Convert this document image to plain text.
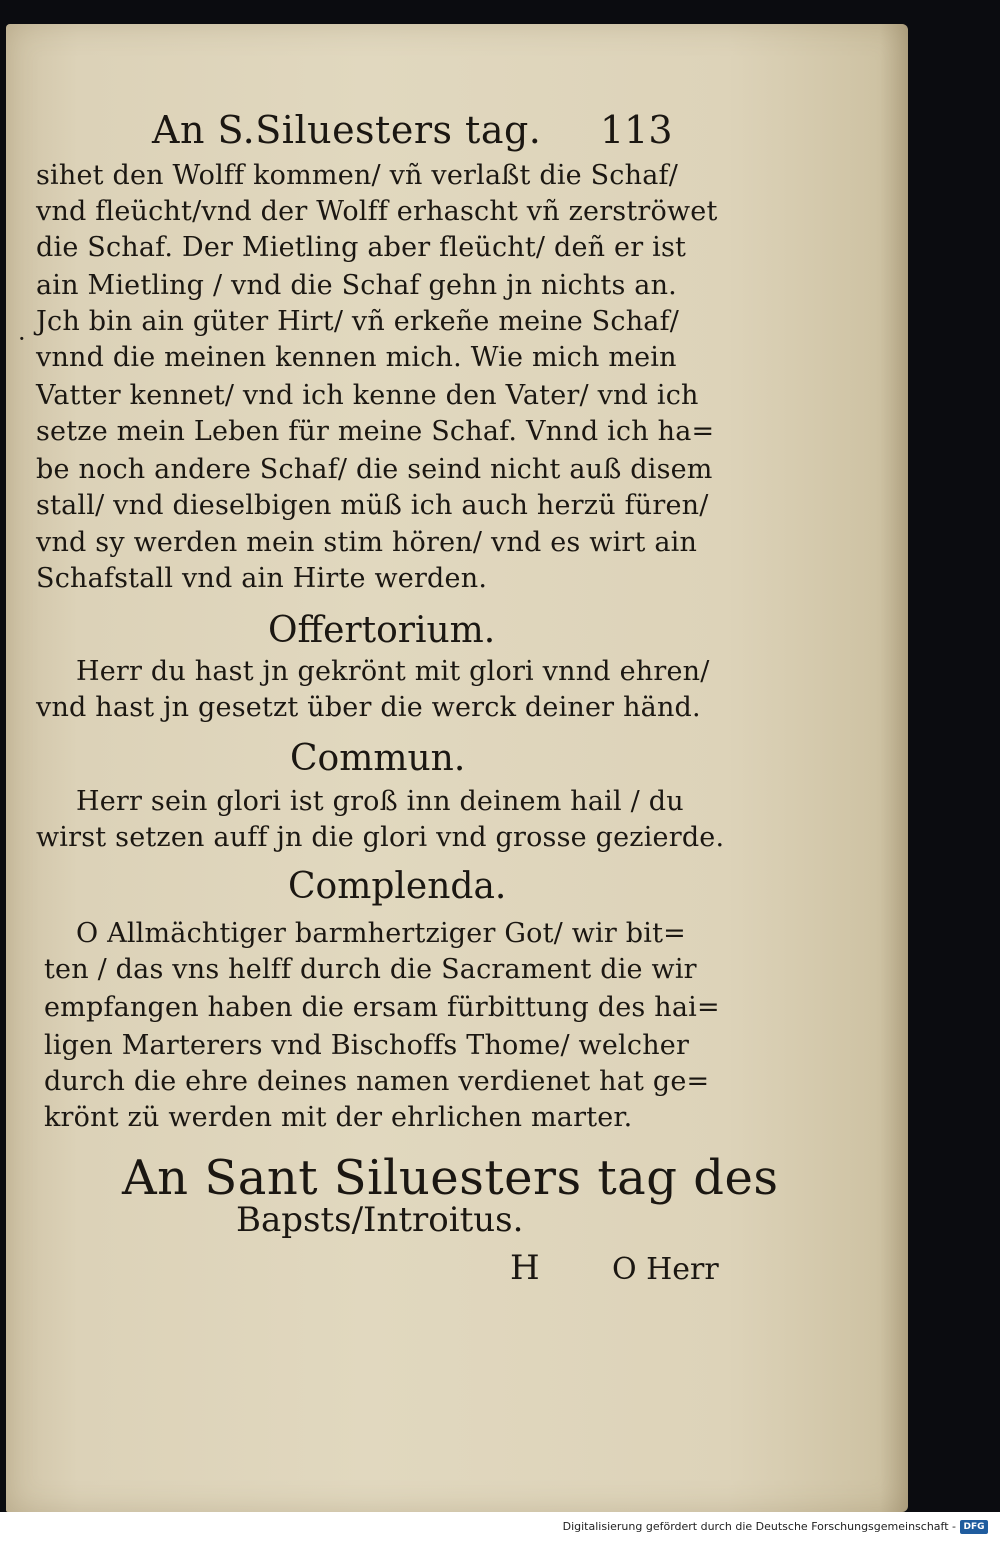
An S.Siluesters tag. 113
·
sihet den Wolff kommen/ vñ verlaßt die Schaf/
vnd fleücht/vnd der Wolff erhascht vñ zerströwet
die Schaf. Der Mietling aber fleücht/ deñ er ist
ain Mietling / vnd die Schaf gehn jn nichts an.
Jch bin ain güter Hirt/ vñ erkeñe meine Schaf/
vnnd die meinen kennen mich. Wie mich mein
Vatter kennet/ vnd ich kenne den Vater/ vnd ich
setze mein Leben für meine Schaf. Vnnd ich ha=
be noch andere Schaf/ die seind nicht auß disem
stall/ vnd dieselbigen müß ich auch herzü füren/
vnd sy werden mein stim hören/ vnd es wirt ain
Schafstall vnd ain Hirte werden.
Offertorium.
Herr du hast jn gekrönt mit glori vnnd ehren/
vnd hast jn gesetzt über die werck deiner händ.
Commun.
Herr sein glori ist groß inn deinem hail / du
wirst setzen auff jn die glori vnd grosse gezierde.
Complenda.
O Allmächtiger barmhertziger Got/ wir bit=
ten / das vns helff durch die Sacrament die wir
empfangen haben die ersam fürbittung des hai=
ligen Marterers vnd Bischoffs Thome/ welcher
durch die ehre deines namen verdienet hat ge=
krönt zü werden mit der ehrlichen marter.
An Sant Siluesters tag des
Bapsts/Introitus.
H O Herr
Digitalisierung gefördert durch die Deutsche Forschungsgemeinschaft - DFG
